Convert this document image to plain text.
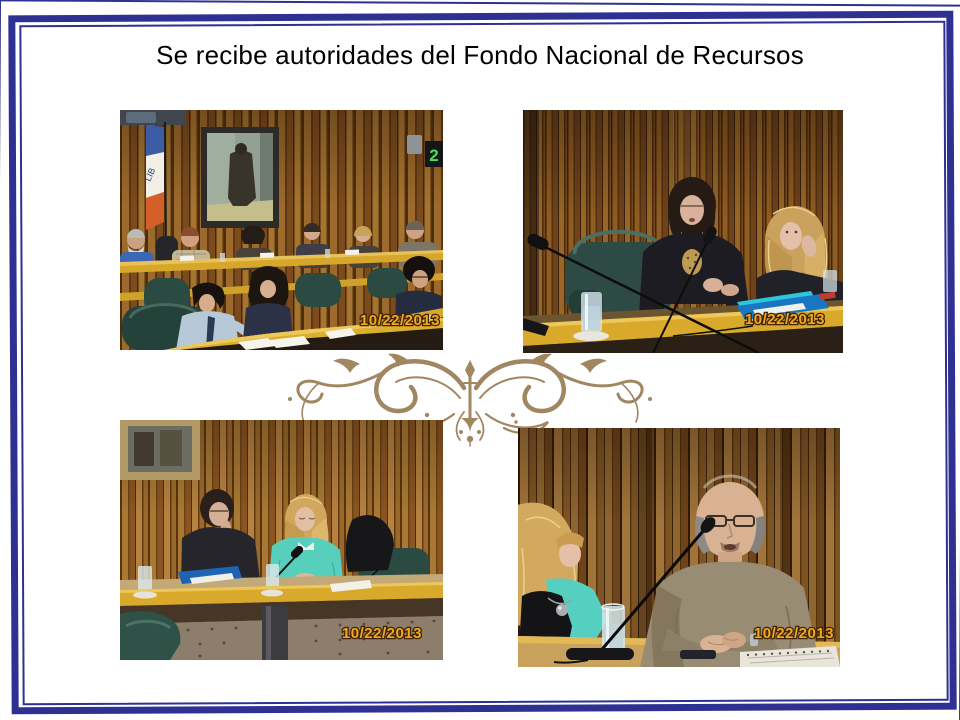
Se recibe autoridades del Fondo Nacional de Recursos
LIB
2
10/22/2013	10/22/2013
10/22/2013	10/22/2013
